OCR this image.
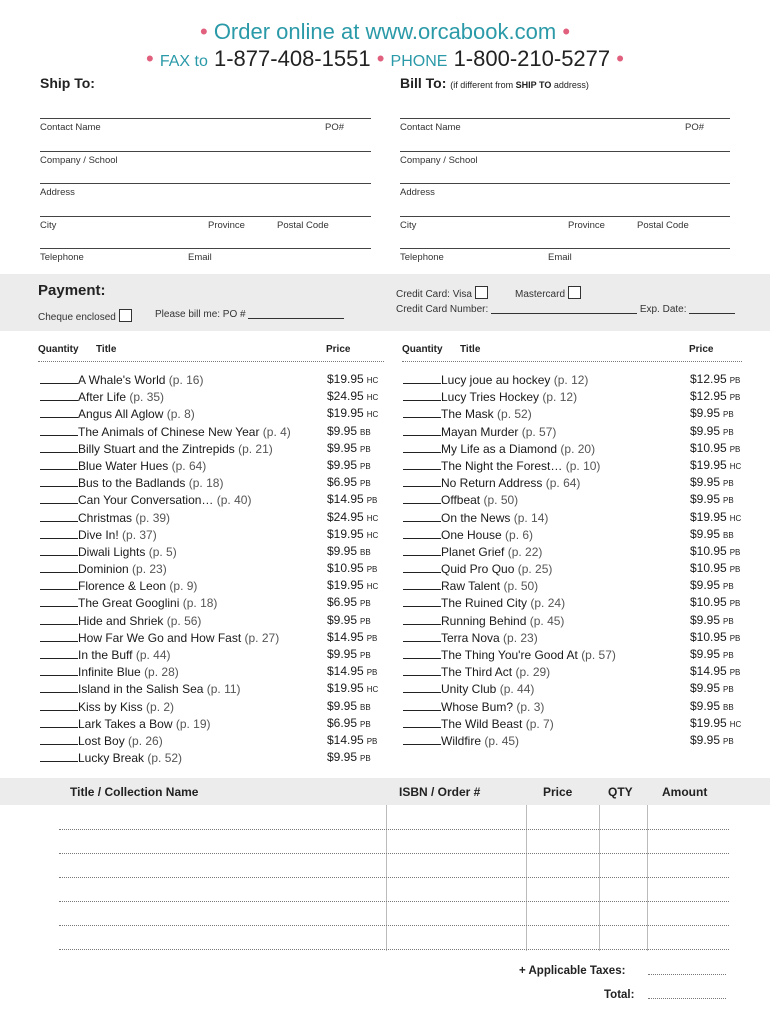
• Order online at www.orcabook.com •
• FAX to 1-877-408-1551 • PHONE 1-800-210-5277 •
Ship To:
Contact Name	PO#
Company / School
Address
City	Province	Postal Code
Telephone	Email
Bill To: (if different from SHIP TO address)
Contact Name	PO#
Company / School
Address
City	Province	Postal Code
Telephone	Email
Payment:
Cheque enclosed	Please bill me: PO #
Credit Card: Visa	Mastercard
Credit Card Number:	Exp. Date:
Quantity Title	Price	Quantity Title	Price
A Whale's World (p. 16)	$19.95 HC
After Life (p. 35)	$24.95 HC
Angus All Aglow (p. 8)	$19.95 HC
The Animals of Chinese New Year (p. 4)	$9.95 BB
Billy Stuart and the Zintrepids (p. 21)	$9.95 PB
Blue Water Hues (p. 64)	$9.95 PB
Bus to the Badlands (p. 18)	$6.95 PB
Can Your Conversation… (p. 40)	$14.95 PB
Christmas (p. 39)	$24.95 HC
Dive In! (p. 37)	$19.95 HC
Diwali Lights (p. 5)	$9.95 BB
Dominion (p. 23)	$10.95 PB
Florence & Leon (p. 9)	$19.95 HC
The Great Googlini (p. 18)	$6.95 PB
Hide and Shriek (p. 56)	$9.95 PB
How Far We Go and How Fast (p. 27)	$14.95 PB
In the Buff (p. 44)	$9.95 PB
Infinite Blue (p. 28)	$14.95 PB
Island in the Salish Sea (p. 11)	$19.95 HC
Kiss by Kiss (p. 2)	$9.95 BB
Lark Takes a Bow (p. 19)	$6.95 PB
Lost Boy (p. 26)	$14.95 PB
Lucky Break (p. 52)	$9.95 PB
Lucy joue au hockey (p. 12)	$12.95 PB
Lucy Tries Hockey (p. 12)	$12.95 PB
The Mask (p. 52)	$9.95 PB
Mayan Murder (p. 57)	$9.95 PB
My Life as a Diamond (p. 20)	$10.95 PB
The Night the Forest… (p. 10)	$19.95 HC
No Return Address (p. 64)	$9.95 PB
Offbeat (p. 50)	$9.95 PB
On the News (p. 14)	$19.95 HC
One House (p. 6)	$9.95 BB
Planet Grief (p. 22)	$10.95 PB
Quid Pro Quo (p. 25)	$10.95 PB
Raw Talent (p. 50)	$9.95 PB
The Ruined City (p. 24)	$10.95 PB
Running Behind (p. 45)	$9.95 PB
Terra Nova (p. 23)	$10.95 PB
The Thing You're Good At (p. 57)	$9.95 PB
The Third Act (p. 29)	$14.95 PB
Unity Club (p. 44)	$9.95 PB
Whose Bum? (p. 3)	$9.95 BB
The Wild Beast (p. 7)	$19.95 HC
Wildfire (p. 45)	$9.95 PB
Title / Collection Name	ISBN / Order #	Price	QTY Amount
+ Applicable Taxes:
Total:
